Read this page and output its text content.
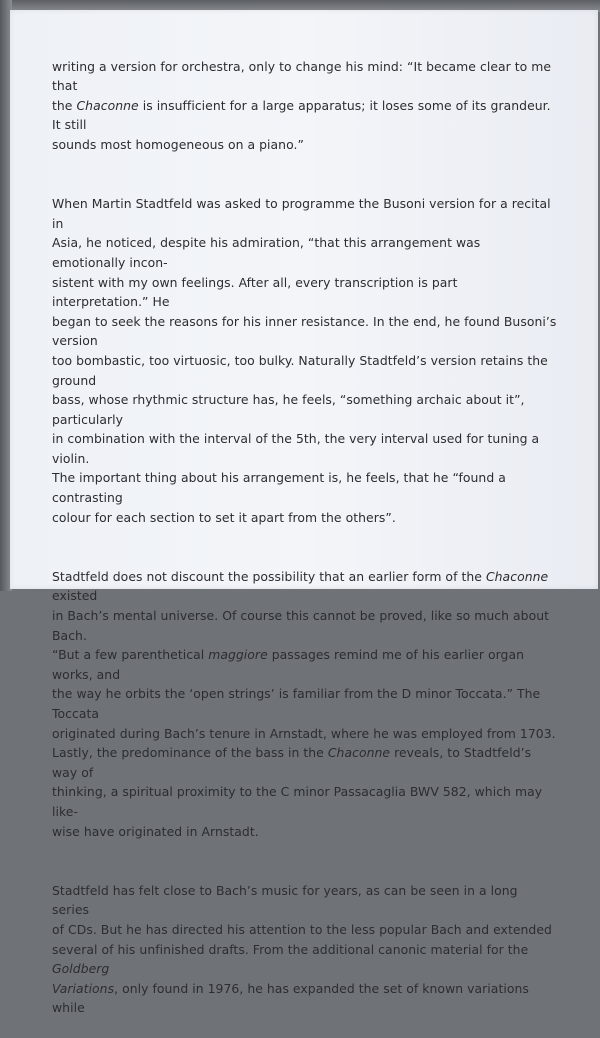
writing a version for orchestra, only to change his mind: “It became clear to me that
the Chaconne is insufficient for a large apparatus; it loses some of its grandeur. It still
sounds most homogeneous on a piano.”

When Martin Stadtfeld was asked to programme the Busoni version for a recital in
Asia, he noticed, despite his admiration, “that this arrangement was emotionally incon-
sistent with my own feelings. After all, every transcription is part interpretation.” He
began to seek the reasons for his inner resistance. In the end, he found Busoni’s version
too bombastic, too virtuosic, too bulky. Naturally Stadtfeld’s version retains the ground
bass, whose rhythmic structure has, he feels, “something archaic about it”, particularly
in combination with the interval of the 5th, the very interval used for tuning a violin.
The important thing about his arrangement is, he feels, that he “found a contrasting
colour for each section to set it apart from the others”.

Stadtfeld does not discount the possibility that an earlier form of the Chaconne existed
in Bach’s mental universe. Of course this cannot be proved, like so much about Bach.
“But a few parenthetical maggiore passages remind me of his earlier organ works, and
the way he orbits the ‘open strings’ is familiar from the D minor Toccata.” The Toccata
originated during Bach’s tenure in Arnstadt, where he was employed from 1703.
Lastly, the predominance of the bass in the Chaconne reveals, to Stadtfeld’s way of
thinking, a spiritual proximity to the C minor Passacaglia BWV 582, which may like-
wise have originated in Arnstadt.

Stadtfeld has felt close to Bach’s music for years, as can be seen in a long series
of CDs. But he has directed his attention to the less popular Bach and extended
several of his unfinished drafts. From the additional canonic material for the Goldberg
Variations, only found in 1976, he has expanded the set of known variations while
